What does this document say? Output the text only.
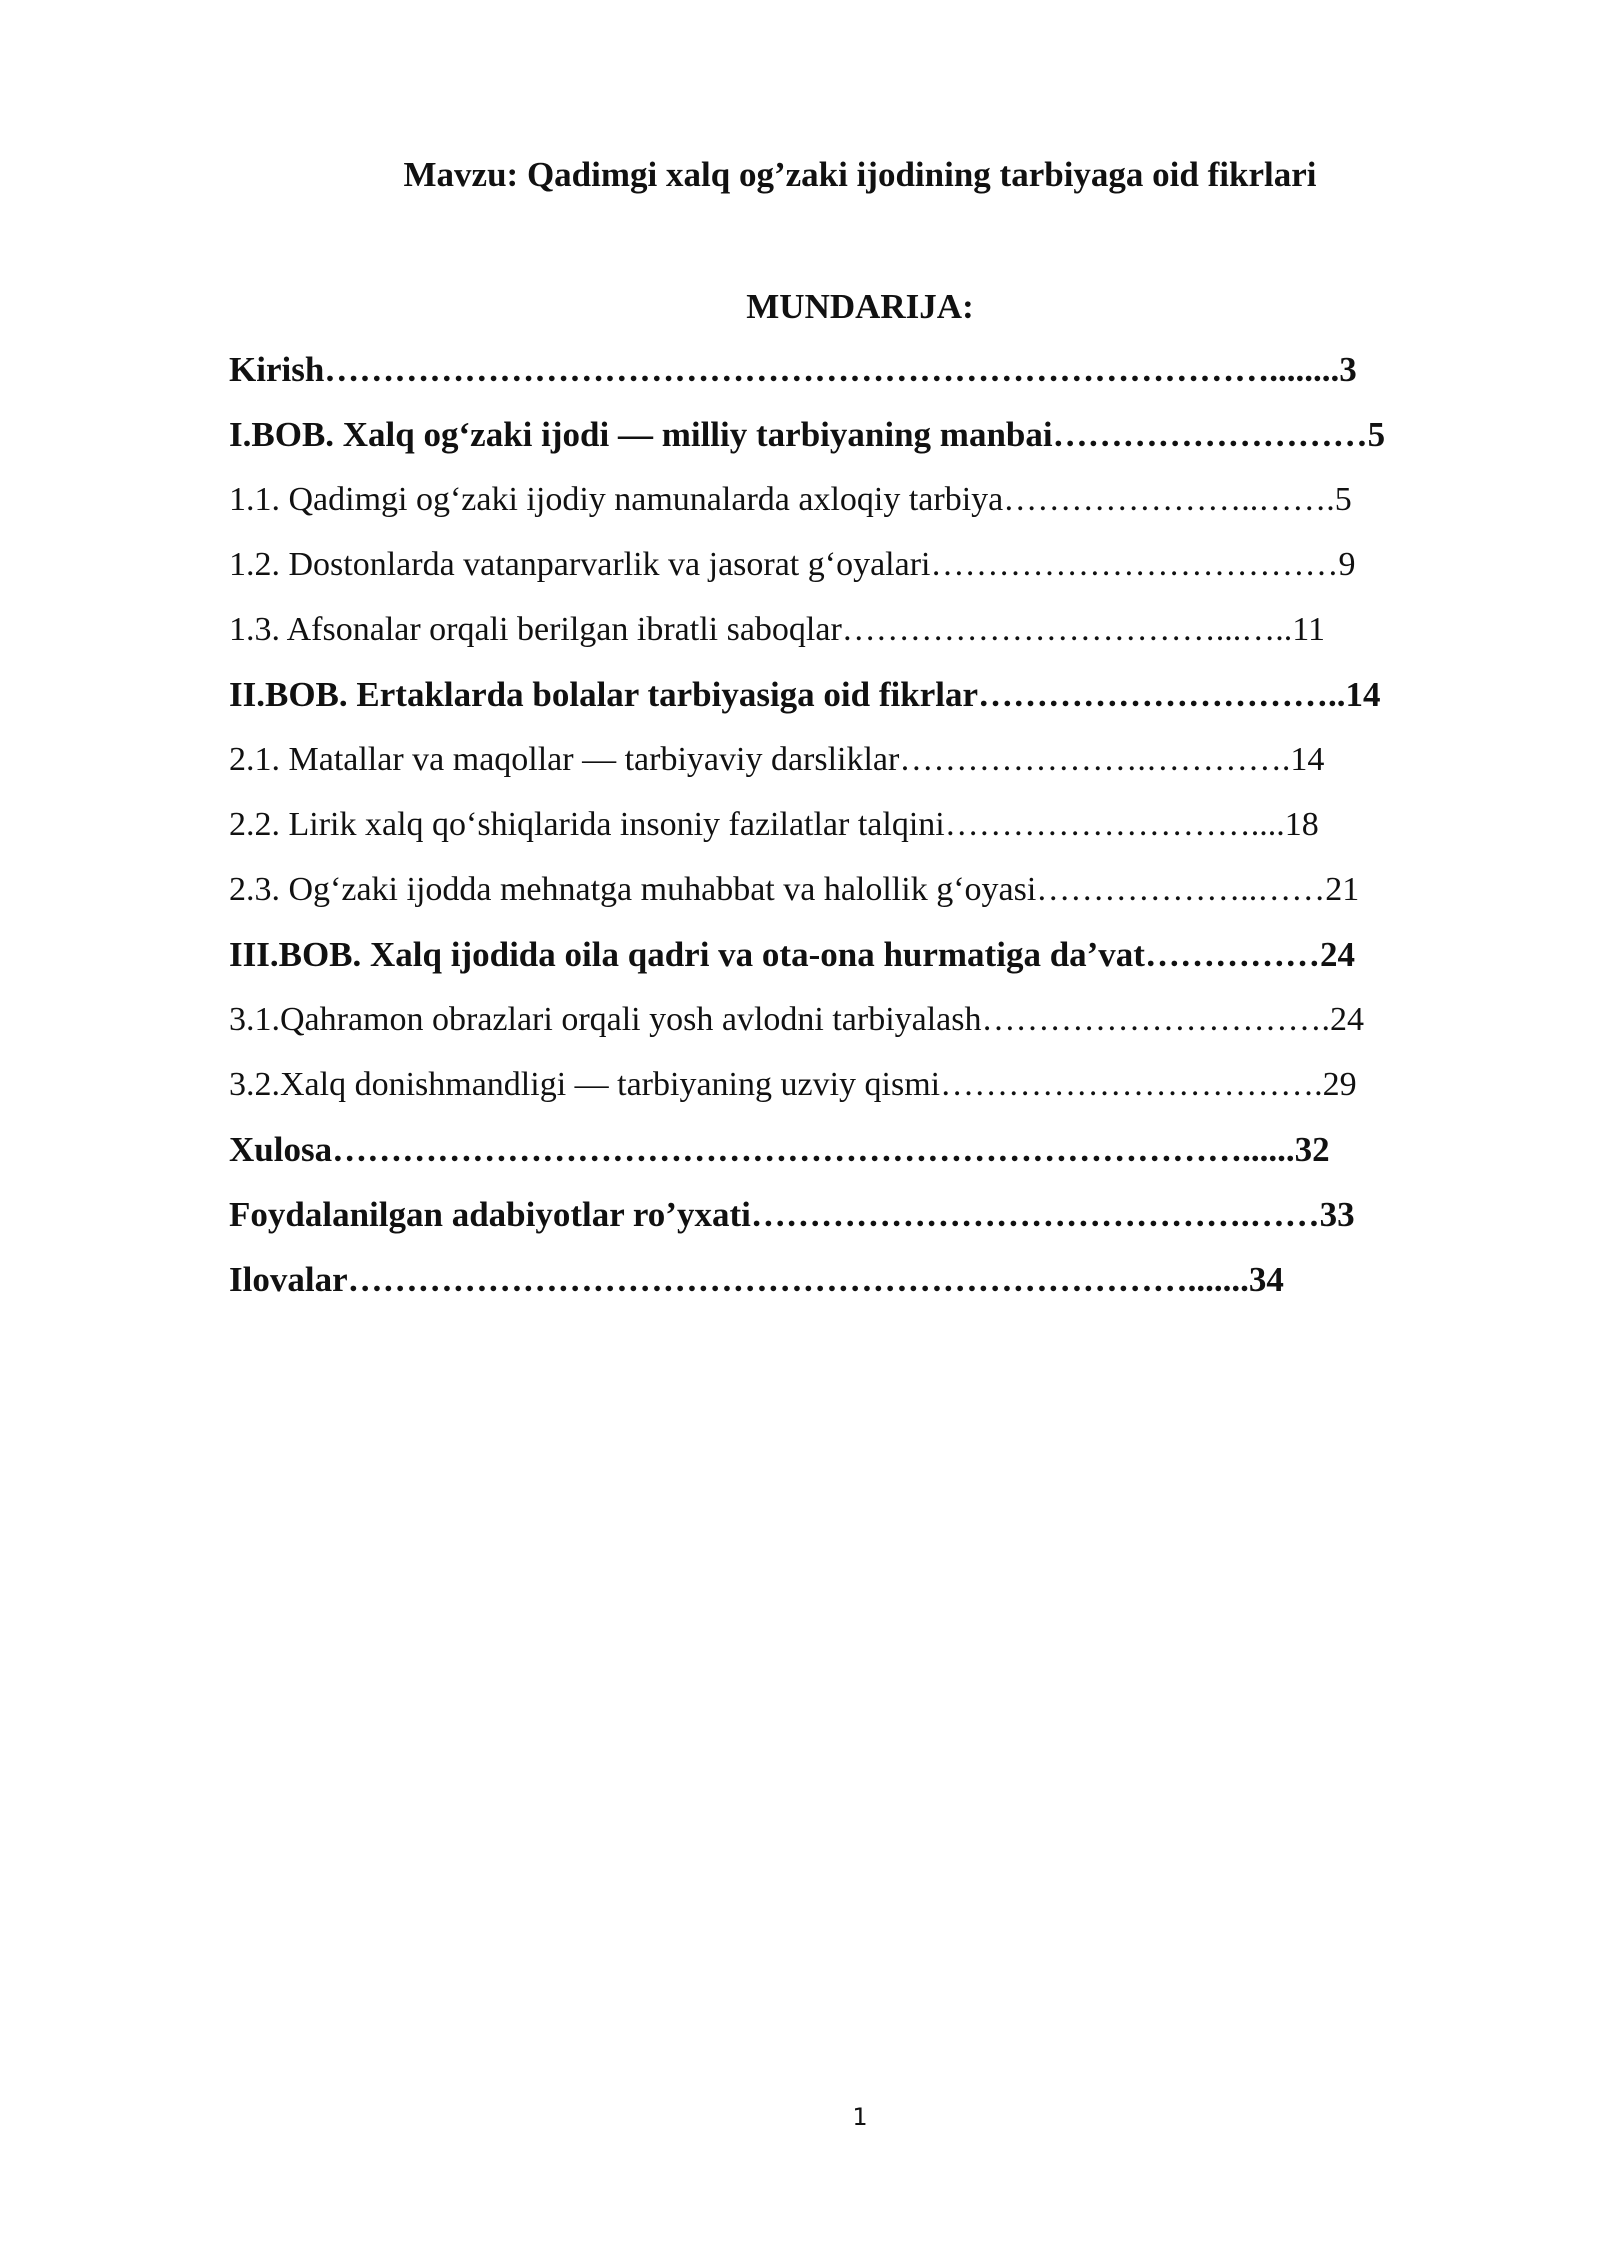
Mavzu: Qadimgi xalq og’zaki ijodining tarbiyaga oid fikrlari
MUNDARIJA:
Kirish………………………………………………………………………........3
I.BOB. Xalq og‘zaki ijodi — milliy tarbiyaning manbai………………………5
1.1. Qadimgi og‘zaki ijodiy namunalarda axloqiy tarbiya…………………..…….5
1.2. Dostonlarda vatanparvarlik va jasorat g‘oyalari………………………………9
1.3. Afsonalar orqali berilgan ibratli saboqlar……………………………...…..11
II.BOB. Ertaklarda bolalar tarbiyasiga oid fikrlar…………………………..14
2.1. Matallar va maqollar — tarbiyaviy darsliklar………………….………….14
2.2. Lirik xalq qo‘shiqlarida insoniy fazilatlar talqini………………………....18
2.3. Og‘zaki ijodda mehnatga muhabbat va halollik g‘oyasi………………..……21
III.BOB. Xalq ijodida oila qadri va ota-ona hurmatiga da’vat……………24
3.1.Qahramon obrazlari orqali yosh avlodni tarbiyalash………………………….24
3.2.Xalq donishmandligi — tarbiyaning uzviy qismi…………………………….29
Xulosa……………………………………………………………………......32
Foydalanilgan adabiyotlar ro’yxati…………………………………….……33
Ilovalar……………………………………………………………….......34
1
